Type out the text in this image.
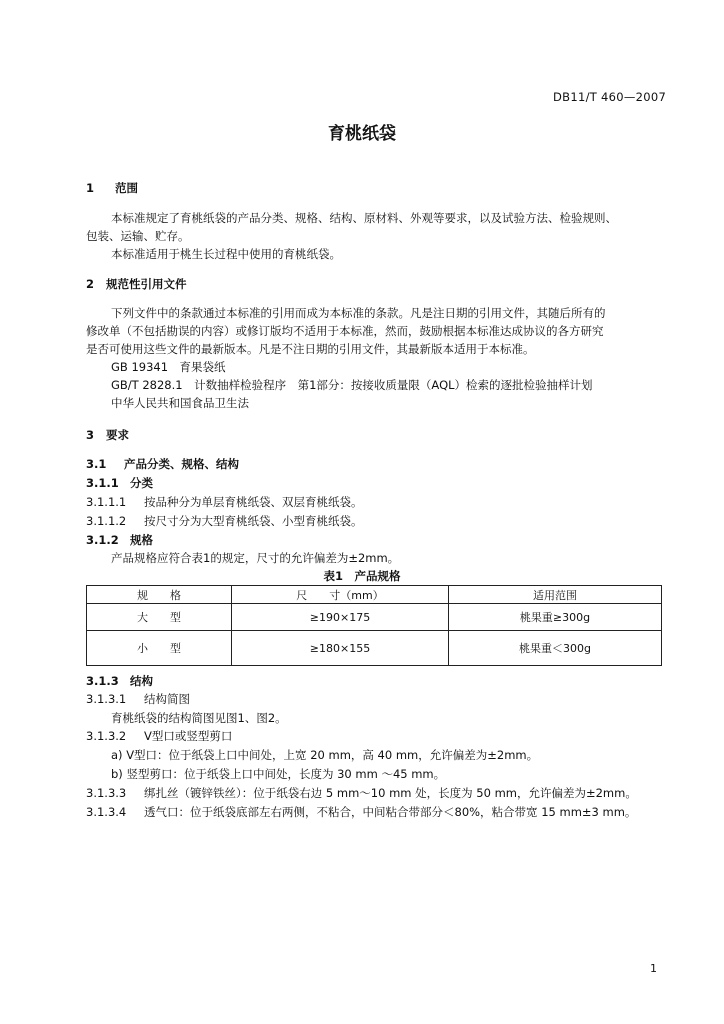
DB11/T 460—2007
育桃纸袋
1 范围
本标准规定了育桃纸袋的产品分类、规格、结构、原材料、外观等要求，以及试验方法、检验规则、
包装、运输、贮存。
本标准适用于桃生长过程中使用的育桃纸袋。
2 规范性引用文件
下列文件中的条款通过本标准的引用而成为本标准的条款。凡是注日期的引用文件，其随后所有的
修改单（不包括勘误的内容）或修订版均不适用于本标准，然而，鼓励根据本标准达成协议的各方研究
是否可使用这些文件的最新版本。凡是不注日期的引用文件，其最新版本适用于本标准。
GB 19341　育果袋纸
GB/T 2828.1　计数抽样检验程序　第1部分：按接收质量限（AQL）检索的逐批检验抽样计划
中华人民共和国食品卫生法
3 要求
3.1 产品分类、规格、结构
3.1.1 分类
3.1.1.1 按品种分为单层育桃纸袋、双层育桃纸袋。
3.1.1.2 按尺寸分为大型育桃纸袋、小型育桃纸袋。
3.1.2 规格
产品规格应符合表1的规定，尺寸的允许偏差为±2mm。
表1　产品规格
规　　格	尺　　寸（mm）	适用范围
大　　型	≥190×175	桃果重≥300g
小　　型	≥180×155	桃果重＜300g
3.1.3 结构
3.1.3.1 结构简图
育桃纸袋的结构简图见图1、图2。
3.1.3.2 V型口或竖型剪口
a) V型口：位于纸袋上口中间处，上宽 20 mm，高 40 mm，允许偏差为±2mm。
b) 竖型剪口：位于纸袋上口中间处，长度为 30 mm ～45 mm。
3.1.3.3 绑扎丝（镀锌铁丝）：位于纸袋右边 5 mm～10 mm 处，长度为 50 mm，允许偏差为±2mm。
3.1.3.4 透气口：位于纸袋底部左右两侧，不粘合，中间粘合带部分＜80%，粘合带宽 15 mm±3 mm。
1
